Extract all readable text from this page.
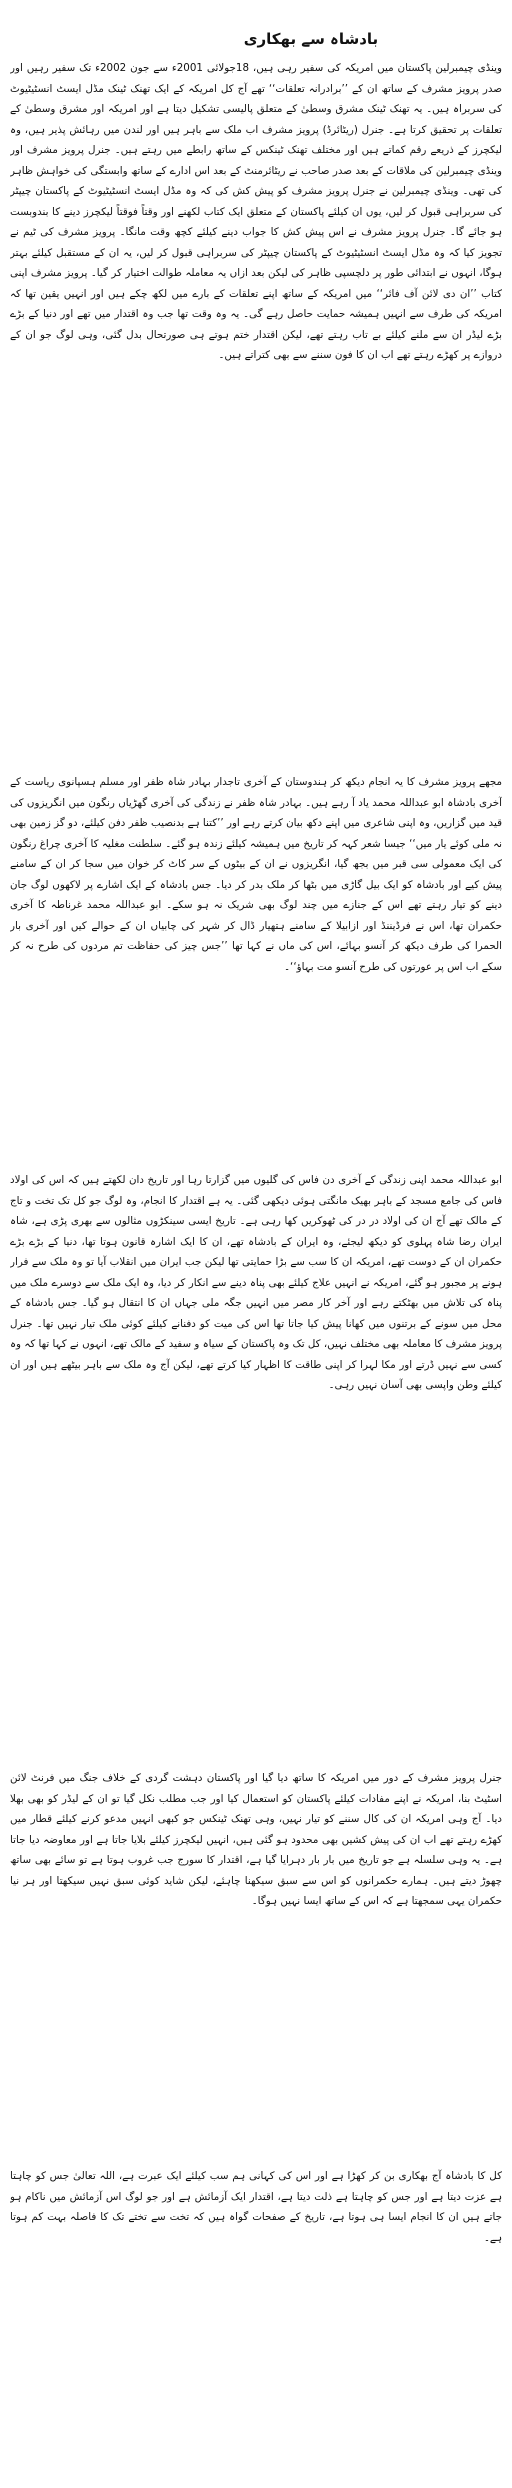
بادشاہ سے بھکاری

وینڈی چیمبرلین پاکستان میں امریکہ کی سفیر رہی ہیں، 18جولائی 2001ء سے جون 2002ء تک سفیر رہیں اور صدر پرویز مشرف کے ساتھ ان کے ’’برادرانہ تعلقات‘‘ تھے آج کل امریکہ کے ایک تھنک ٹینک مڈل ایسٹ انسٹیٹیوٹ کی سربراہ ہیں۔ یہ تھنک ٹینک مشرق وسطیٰ کے متعلق پالیسی تشکیل دیتا ہے اور امریکہ اور مشرق وسطیٰ کے تعلقات پر تحقیق کرتا ہے۔ جنرل (ریٹائرڈ) پرویز مشرف اب ملک سے باہر ہیں اور لندن میں رہائش پذیر ہیں، وہ لیکچرز کے ذریعے رقم کماتے ہیں اور مختلف تھنک ٹینکس کے ساتھ رابطے میں رہتے ہیں۔ جنرل پرویز مشرف اور وینڈی چیمبرلین کی ملاقات کے بعد صدر صاحب نے ریٹائرمنٹ کے بعد اس ادارے کے ساتھ وابستگی کی خواہش ظاہر کی تھی۔ وینڈی چیمبرلین نے جنرل پرویز مشرف کو پیش کش کی کہ وہ مڈل ایسٹ انسٹیٹیوٹ کے پاکستان چیپٹر کی سربراہی قبول کر لیں، یوں ان کیلئے پاکستان کے متعلق ایک کتاب لکھنے اور وقتاً فوقتاً لیکچرز دینے کا بندوبست ہو جائے گا۔ جنرل پرویز مشرف نے اس پیش کش کا جواب دینے کیلئے کچھ وقت مانگا۔ پرویز مشرف کی ٹیم نے تجویز کیا کہ وہ مڈل ایسٹ انسٹیٹیوٹ کے پاکستان چیپٹر کی سربراہی قبول کر لیں، یہ ان کے مستقبل کیلئے بہتر ہوگا، انہوں نے ابتدائی طور پر دلچسپی ظاہر کی لیکن بعد ازاں یہ معاملہ طوالت اختیار کر گیا۔ پرویز مشرف اپنی کتاب ’’ان دی لائن آف فائر‘‘ میں امریکہ کے ساتھ اپنے تعلقات کے بارے میں لکھ چکے ہیں اور انہیں یقین تھا کہ امریکہ کی طرف سے انہیں ہمیشہ حمایت حاصل رہے گی۔ یہ وہ وقت تھا جب وہ اقتدار میں تھے اور دنیا کے بڑے بڑے لیڈر ان سے ملنے کیلئے بے تاب رہتے تھے، لیکن اقتدار ختم ہوتے ہی صورتحال بدل گئی، وہی لوگ جو ان کے دروازے پر کھڑے رہتے تھے اب ان کا فون سننے سے بھی کتراتے ہیں۔

مجھے پرویز مشرف کا یہ انجام دیکھ کر ہندوستان کے آخری تاجدار بہادر شاہ ظفر اور مسلم ہسپانوی ریاست کے آخری بادشاہ ابو عبداللہ محمد یاد آ رہے ہیں۔ بہادر شاہ ظفر نے زندگی کی آخری گھڑیاں رنگون میں انگریزوں کی قید میں گزاریں، وہ اپنی شاعری میں اپنے دکھ بیان کرتے رہے اور ’’کتنا ہے بدنصیب ظفر دفن کیلئے، دو گز زمین بھی نہ ملی کوئے یار میں‘‘ جیسا شعر کہہ کر تاریخ میں ہمیشہ کیلئے زندہ ہو گئے۔ سلطنت مغلیہ کا آخری چراغ رنگون کی ایک معمولی سی قبر میں بجھ گیا، انگریزوں نے ان کے بیٹوں کے سر کاٹ کر خوان میں سجا کر ان کے سامنے پیش کیے اور بادشاہ کو ایک بیل گاڑی میں بٹھا کر ملک بدر کر دیا۔ جس بادشاہ کے ایک اشارے پر لاکھوں لوگ جان دینے کو تیار رہتے تھے اس کے جنازے میں چند لوگ بھی شریک نہ ہو سکے۔ ابو عبداللہ محمد غرناطہ کا آخری حکمران تھا، اس نے فرڈیننڈ اور ازابیلا کے سامنے ہتھیار ڈال کر شہر کی چابیاں ان کے حوالے کیں اور آخری بار الحمرا کی طرف دیکھ کر آنسو بہائے، اس کی ماں نے کہا تھا ’’جس چیز کی حفاظت تم مردوں کی طرح نہ کر سکے اب اس پر عورتوں کی طرح آنسو مت بہاؤ‘‘۔

ابو عبداللہ محمد اپنی زندگی کے آخری دن فاس کی گلیوں میں گزارتا رہا اور تاریخ دان لکھتے ہیں کہ اس کی اولاد فاس کی جامع مسجد کے باہر بھیک مانگتی ہوئی دیکھی گئی۔ یہ ہے اقتدار کا انجام، وہ لوگ جو کل تک تخت و تاج کے مالک تھے آج ان کی اولاد در در کی ٹھوکریں کھا رہی ہے۔ تاریخ ایسی سینکڑوں مثالوں سے بھری پڑی ہے، شاہ ایران رضا شاہ پہلوی کو دیکھ لیجئے، وہ ایران کے بادشاہ تھے، ان کا ایک اشارہ قانون ہوتا تھا، دنیا کے بڑے بڑے حکمران ان کے دوست تھے، امریکہ ان کا سب سے بڑا حمایتی تھا لیکن جب ایران میں انقلاب آیا تو وہ ملک سے فرار ہونے پر مجبور ہو گئے، امریکہ نے انہیں علاج کیلئے بھی پناہ دینے سے انکار کر دیا، وہ ایک ملک سے دوسرے ملک میں پناہ کی تلاش میں بھٹکتے رہے اور آخر کار مصر میں انہیں جگہ ملی جہاں ان کا انتقال ہو گیا۔ جس بادشاہ کے محل میں سونے کے برتنوں میں کھانا پیش کیا جاتا تھا اس کی میت کو دفنانے کیلئے کوئی ملک تیار نہیں تھا۔ جنرل پرویز مشرف کا معاملہ بھی مختلف نہیں، کل تک وہ پاکستان کے سیاہ و سفید کے مالک تھے، انہوں نے کہا تھا کہ وہ کسی سے نہیں ڈرتے اور مکا لہرا کر اپنی طاقت کا اظہار کیا کرتے تھے، لیکن آج وہ ملک سے باہر بیٹھے ہیں اور ان کیلئے وطن واپسی بھی آسان نہیں رہی۔

جنرل پرویز مشرف کے دور میں امریکہ کا ساتھ دیا گیا اور پاکستان دہشت گردی کے خلاف جنگ میں فرنٹ لائن اسٹیٹ بنا، امریکہ نے اپنے مفادات کیلئے پاکستان کو استعمال کیا اور جب مطلب نکل گیا تو ان کے لیڈر کو بھی بھلا دیا۔ آج وہی امریکہ ان کی کال سننے کو تیار نہیں، وہی تھنک ٹینکس جو کبھی انہیں مدعو کرنے کیلئے قطار میں کھڑے رہتے تھے اب ان کی پیش کشیں بھی محدود ہو گئی ہیں، انہیں لیکچرز کیلئے بلایا جاتا ہے اور معاوضہ دیا جاتا ہے۔ یہ وہی سلسلہ ہے جو تاریخ میں بار بار دہرایا گیا ہے، اقتدار کا سورج جب غروب ہوتا ہے تو سائے بھی ساتھ چھوڑ دیتے ہیں۔ ہمارے حکمرانوں کو اس سے سبق سیکھنا چاہئے، لیکن شاید کوئی سبق نہیں سیکھتا اور ہر نیا حکمران یہی سمجھتا ہے کہ اس کے ساتھ ایسا نہیں ہوگا۔

کل کا بادشاہ آج بھکاری بن کر کھڑا ہے اور اس کی کہانی ہم سب کیلئے ایک عبرت ہے، اللہ تعالیٰ جس کو چاہتا ہے عزت دیتا ہے اور جس کو چاہتا ہے ذلت دیتا ہے، اقتدار ایک آزمائش ہے اور جو لوگ اس آزمائش میں ناکام ہو جاتے ہیں ان کا انجام ایسا ہی ہوتا ہے، تاریخ کے صفحات گواہ ہیں کہ تخت سے تختے تک کا فاصلہ بہت کم ہوتا ہے۔
